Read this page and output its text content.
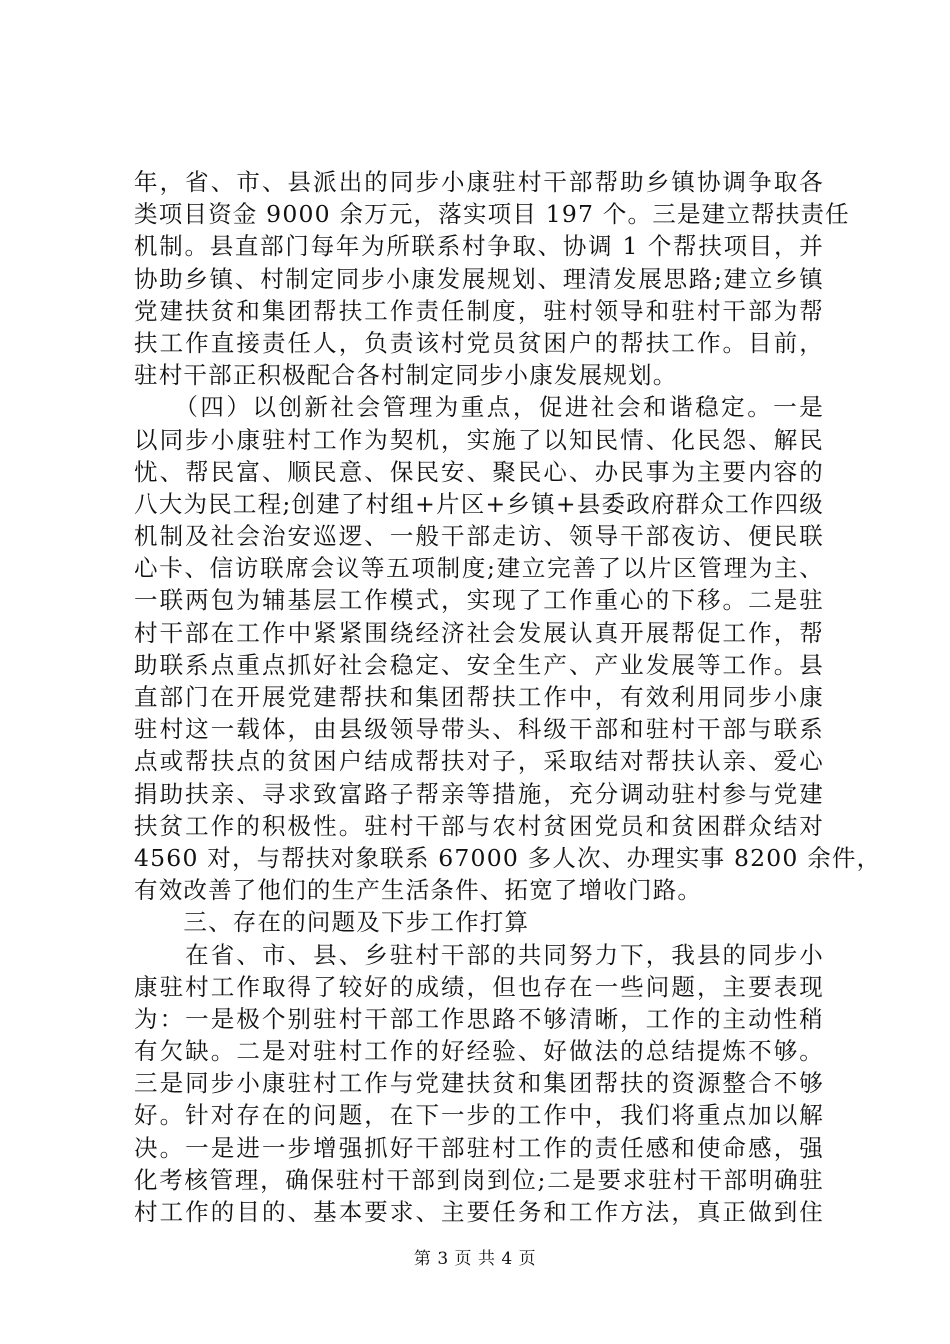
年，省、市、县派出的同步小康驻村干部帮助乡镇协调争取各
类项目资金 9000 余万元，落实项目 197 个。三是建立帮扶责任
机制。县直部门每年为所联系村争取、协调 1 个帮扶项目，并
协助乡镇、村制定同步小康发展规划、理清发展思路;建立乡镇
党建扶贫和集团帮扶工作责任制度，驻村领导和驻村干部为帮
扶工作直接责任人，负责该村党员贫困户的帮扶工作。目前，
驻村干部正积极配合各村制定同步小康发展规划。
　　（四）以创新社会管理为重点，促进社会和谐稳定。一是
以同步小康驻村工作为契机，实施了以知民情、化民怨、解民
忧、帮民富、顺民意、保民安、聚民心、办民事为主要内容的
八大为民工程;创建了村组+片区+乡镇+县委政府群众工作四级
机制及社会治安巡逻、一般干部走访、领导干部夜访、便民联
心卡、信访联席会议等五项制度;建立完善了以片区管理为主、
一联两包为辅基层工作模式，实现了工作重心的下移。二是驻
村干部在工作中紧紧围绕经济社会发展认真开展帮促工作，帮
助联系点重点抓好社会稳定、安全生产、产业发展等工作。县
直部门在开展党建帮扶和集团帮扶工作中，有效利用同步小康
驻村这一载体，由县级领导带头、科级干部和驻村干部与联系
点或帮扶点的贫困户结成帮扶对子，采取结对帮扶认亲、爱心
捐助扶亲、寻求致富路子帮亲等措施，充分调动驻村参与党建
扶贫工作的积极性。驻村干部与农村贫困党员和贫困群众结对
4560 对，与帮扶对象联系 67000 多人次、办理实事 8200 余件，
有效改善了他们的生产生活条件、拓宽了增收门路。
　　三、存在的问题及下步工作打算
　　在省、市、县、乡驻村干部的共同努力下，我县的同步小
康驻村工作取得了较好的成绩，但也存在一些问题，主要表现
为：一是极个别驻村干部工作思路不够清晰，工作的主动性稍
有欠缺。二是对驻村工作的好经验、好做法的总结提炼不够。
三是同步小康驻村工作与党建扶贫和集团帮扶的资源整合不够
好。针对存在的问题，在下一步的工作中，我们将重点加以解
决。一是进一步增强抓好干部驻村工作的责任感和使命感，强
化考核管理，确保驻村干部到岗到位;二是要求驻村干部明确驻
村工作的目的、基本要求、主要任务和工作方法，真正做到住
第 3 页 共 4 页
